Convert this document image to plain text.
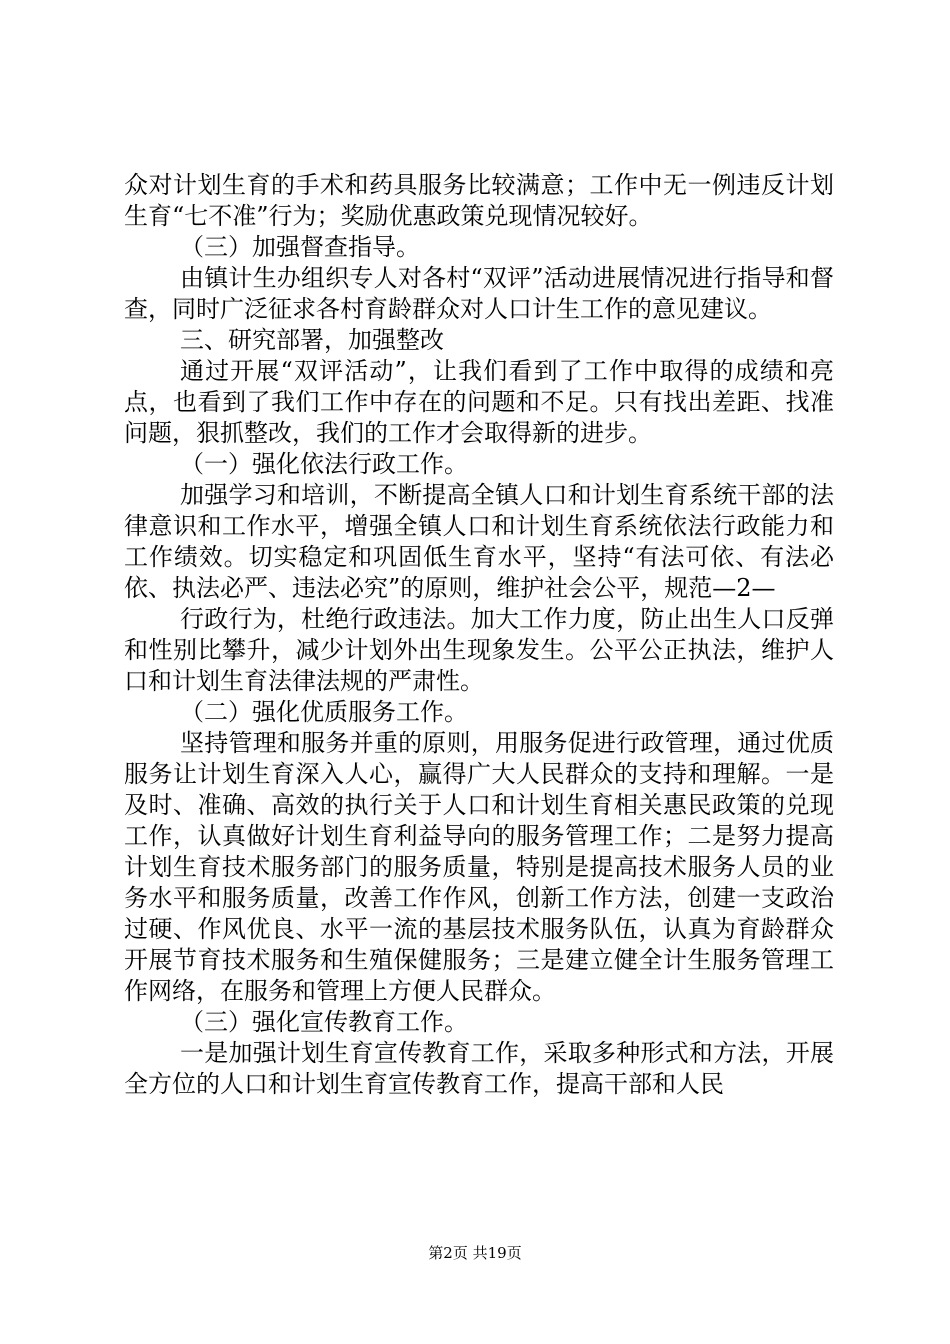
众对计划生育的手术和药具服务比较满意；工作中无一例违反计划生育“七不准”行为；奖励优惠政策兑现情况较好。

（三）加强督查指导。

由镇计生办组织专人对各村“双评”活动进展情况进行指导和督查，同时广泛征求各村育龄群众对人口计生工作的意见建议。

三、研究部署，加强整改

通过开展“双评活动”，让我们看到了工作中取得的成绩和亮点，也看到了我们工作中存在的问题和不足。只有找出差距、找准问题，狠抓整改，我们的工作才会取得新的进步。

（一）强化依法行政工作。

加强学习和培训，不断提高全镇人口和计划生育系统干部的法律意识和工作水平，增强全镇人口和计划生育系统依法行政能力和工作绩效。切实稳定和巩固低生育水平，坚持“有法可依、有法必依、执法必严、违法必究”的原则，维护社会公平，规范—2—

行政行为，杜绝行政违法。加大工作力度，防止出生人口反弹和性别比攀升，减少计划外出生现象发生。公平公正执法，维护人口和计划生育法律法规的严肃性。

（二）强化优质服务工作。

坚持管理和服务并重的原则，用服务促进行政管理，通过优质服务让计划生育深入人心，赢得广大人民群众的支持和理解。一是及时、准确、高效的执行关于人口和计划生育相关惠民政策的兑现工作，认真做好计划生育利益导向的服务管理工作；二是努力提高计划生育技术服务部门的服务质量，特别是提高技术服务人员的业务水平和服务质量，改善工作作风，创新工作方法，创建一支政治过硬、作风优良、水平一流的基层技术服务队伍，认真为育龄群众开展节育技术服务和生殖保健服务；三是建立健全计生服务管理工作网络，在服务和管理上方便人民群众。

（三）强化宣传教育工作。

一是加强计划生育宣传教育工作，采取多种形式和方法，开展全方位的人口和计划生育宣传教育工作，提高干部和人民

第2页 共19页
